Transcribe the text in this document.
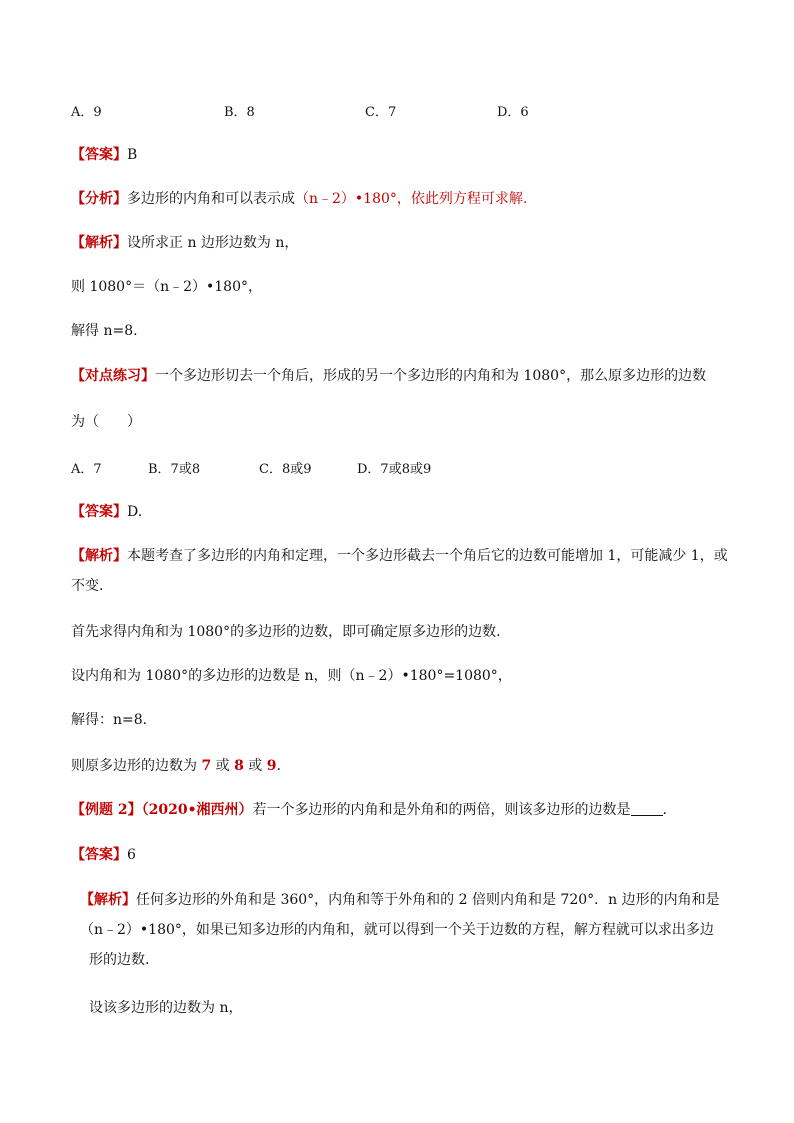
A．9	B．8	C．7	D．6
【答案】B
【分析】多边形的内角和可以表示成（n﹣2）•180°，依此列方程可求解.
【解析】设所求正 n 边形边数为 n，
则 1080°＝（n﹣2）•180°，
解得 n=8.
【对点练习】一个多边形切去一个角后，形成的另一个多边形的内角和为 1080°，那么原多边形的边数
为（　　）
A．7	B．7或8	C．8或9	D．7或8或9
【答案】D.
【解析】本题考查了多边形的内角和定理，一个多边形截去一个角后它的边数可能增加 1，可能减少 1，或
不变.
首先求得内角和为 1080°的多边形的边数，即可确定原多边形的边数.
设内角和为 1080°的多边形的边数是 n，则（n﹣2）•180°=1080°，
解得：n=8.
则原多边形的边数为 7 或 8 或 9.
【例题 2】（2020•湘西州）若一个多边形的内角和是外角和的两倍，则该多边形的边数是 .
【答案】6
【解析】任何多边形的外角和是 360°，内角和等于外角和的 2 倍则内角和是 720°．n 边形的内角和是
（n﹣2）•180°，如果已知多边形的内角和，就可以得到一个关于边数的方程，解方程就可以求出多边
形的边数.
设该多边形的边数为 n，
